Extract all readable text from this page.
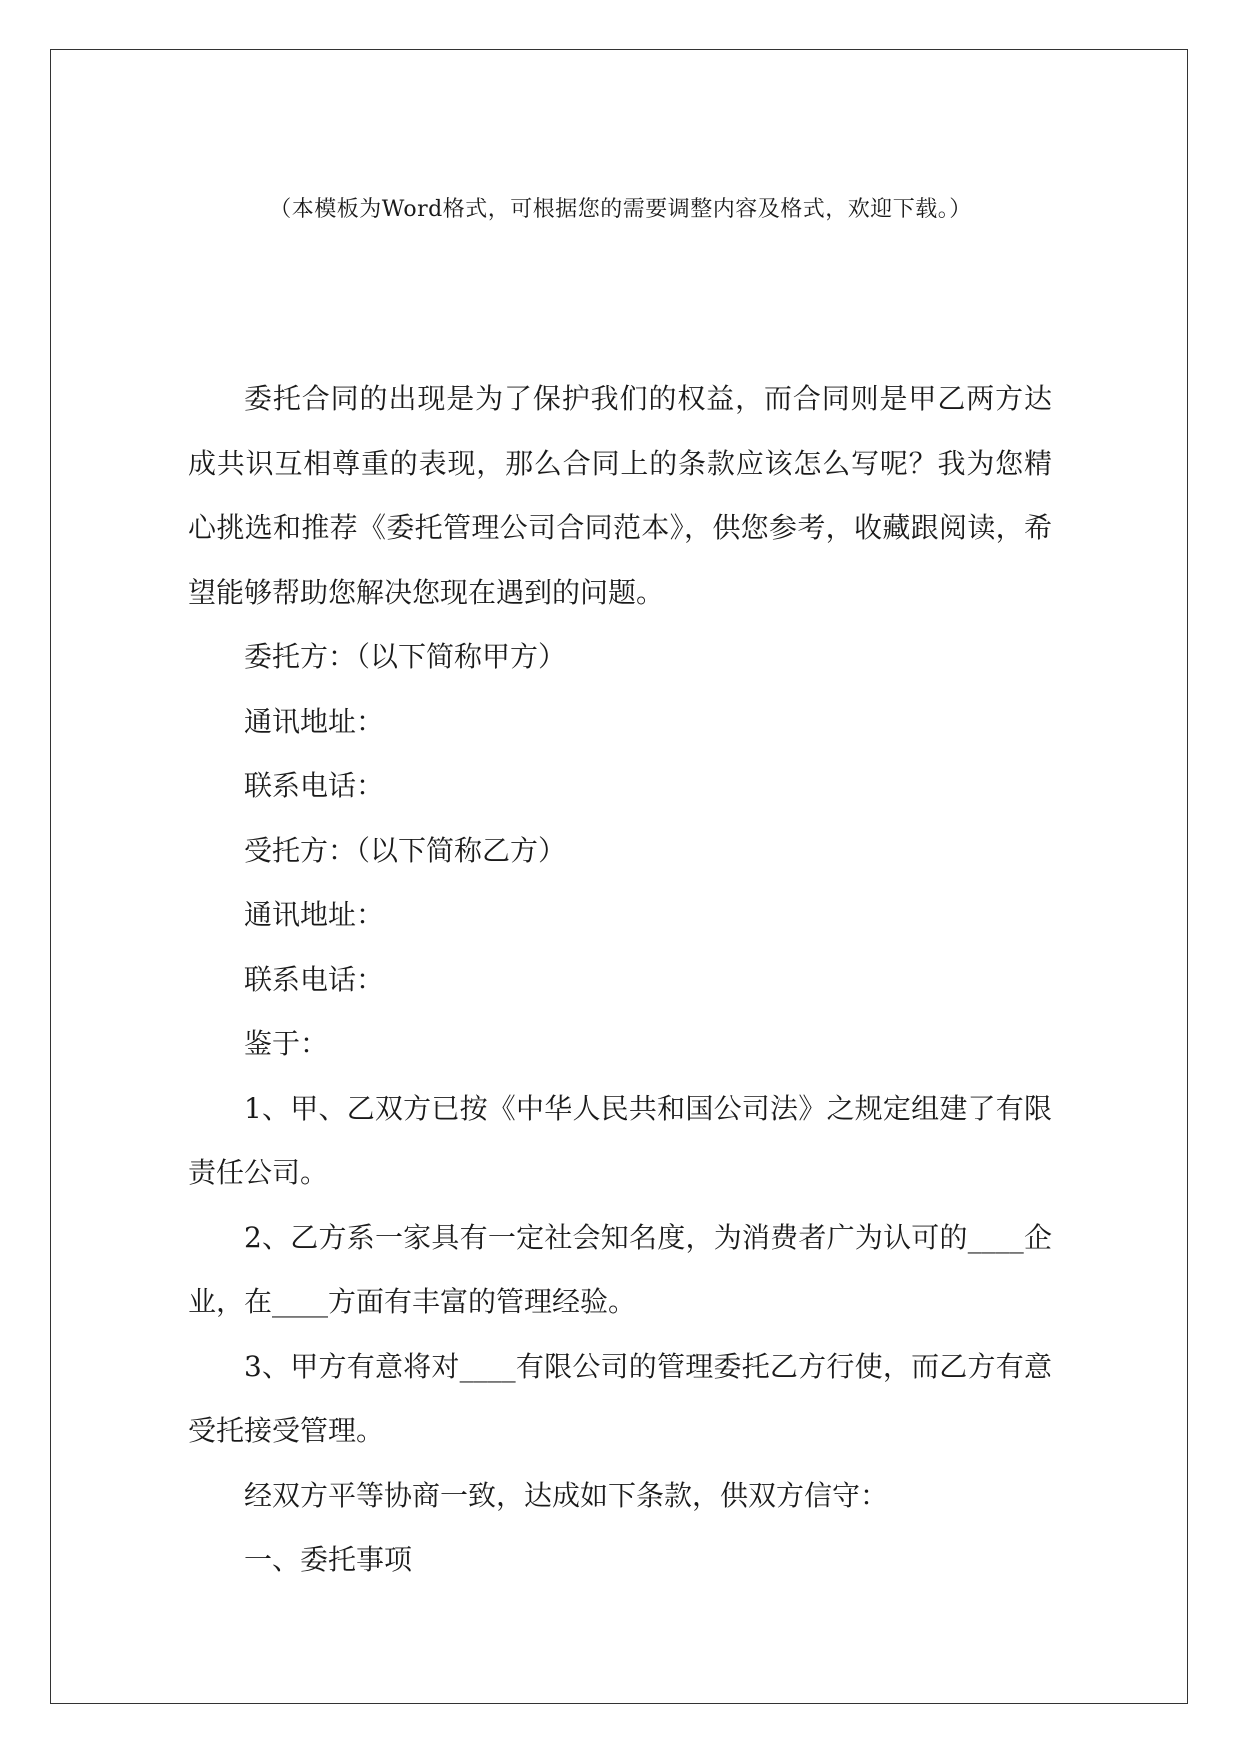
（本模板为Word格式，可根据您的需要调整内容及格式，欢迎下载。）

委托合同的出现是为了保护我们的权益，而合同则是甲乙两方达成共识互相尊重的表现，那么合同上的条款应该怎么写呢？我为您精心挑选和推荐《委托管理公司合同范本》，供您参考，收藏跟阅读，希望能够帮助您解决您现在遇到的问题。

委托方：（以下简称甲方）

通讯地址：

联系电话：

受托方：（以下简称乙方）

通讯地址：

联系电话：

鉴于：

1、甲、乙双方已按《中华人民共和国公司法》之规定组建了有限责任公司。

2、乙方系一家具有一定社会知名度，为消费者广为认可的____企业，在____方面有丰富的管理经验。

3、甲方有意将对____有限公司的管理委托乙方行使，而乙方有意受托接受管理。

经双方平等协商一致，达成如下条款，供双方信守：

一、委托事项
